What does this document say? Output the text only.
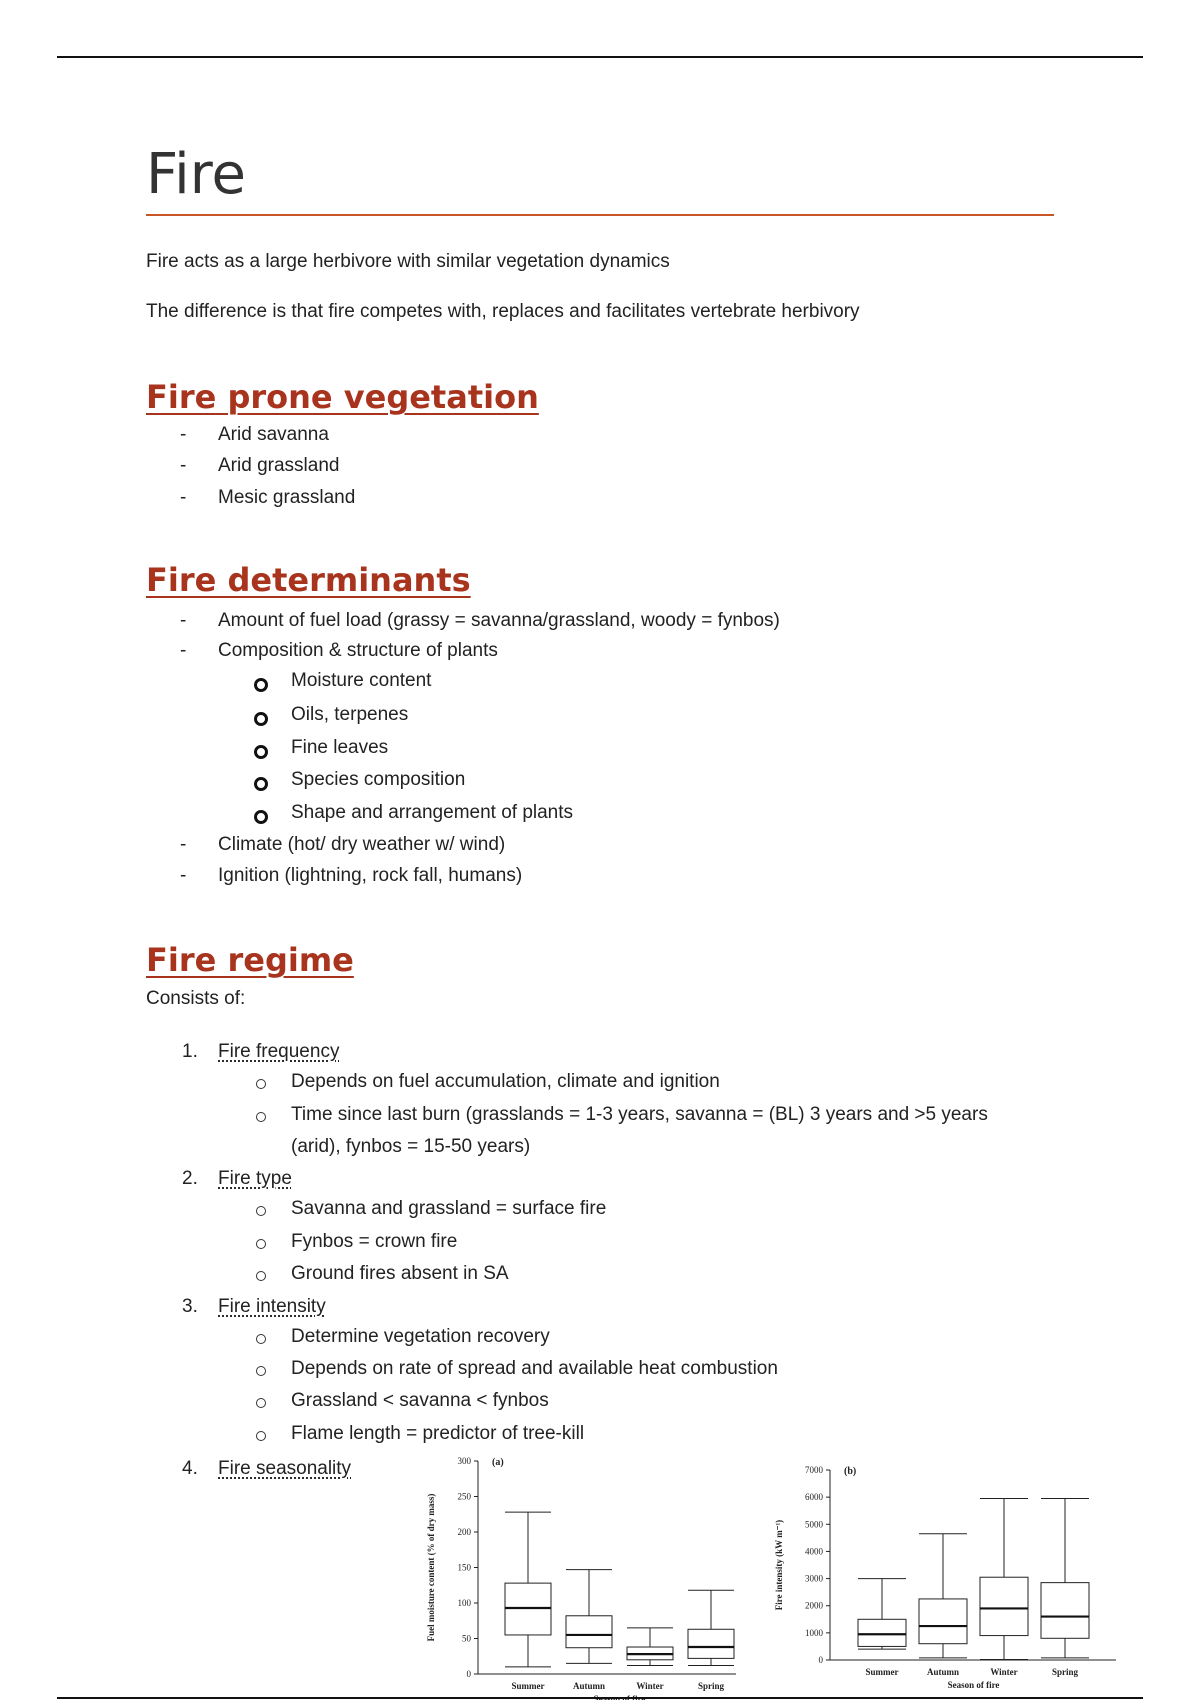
Fire
Fire acts as a large herbivore with similar vegetation dynamics
The difference is that fire competes with, replaces and facilitates vertebrate herbivory
Fire prone vegetation
- Arid savanna
- Arid grassland
- Mesic grassland
Fire determinants
- Amount of fuel load (grassy = savanna/grassland, woody = fynbos)
- Composition & structure of plants
Moisture content
Oils, terpenes
Fine leaves
Species composition
Shape and arrangement of plants
- Climate (hot/ dry weather w/ wind)
- Ignition (lightning, rock fall, humans)
Fire regime
Consists of:
1. Fire frequency
Depends on fuel accumulation, climate and ignition
Time since last burn (grasslands = 1-3 years, savanna = (BL) 3 years and >5 years
(arid), fynbos = 15-50 years)
2. Fire type
Savanna and grassland = surface fire
Fynbos = crown fire
Ground fires absent in SA
3. Fire intensity
Determine vegetation recovery
Depends on rate of spread and available heat combustion
Grassland < savanna < fynbos
Flame length = predictor of tree-kill
4. Fire seasonality
0
50
100
150
200
250
300 (a)
Fuel moisture content (% of dry mass)
Summer	Autumn	Winter	Spring
0
1000
2000
3000
4000
5000
6000
7000 (b)
Fire intensity (kW m⁻¹)
Summer	Autumn	Winter	Spring
Season of fire
